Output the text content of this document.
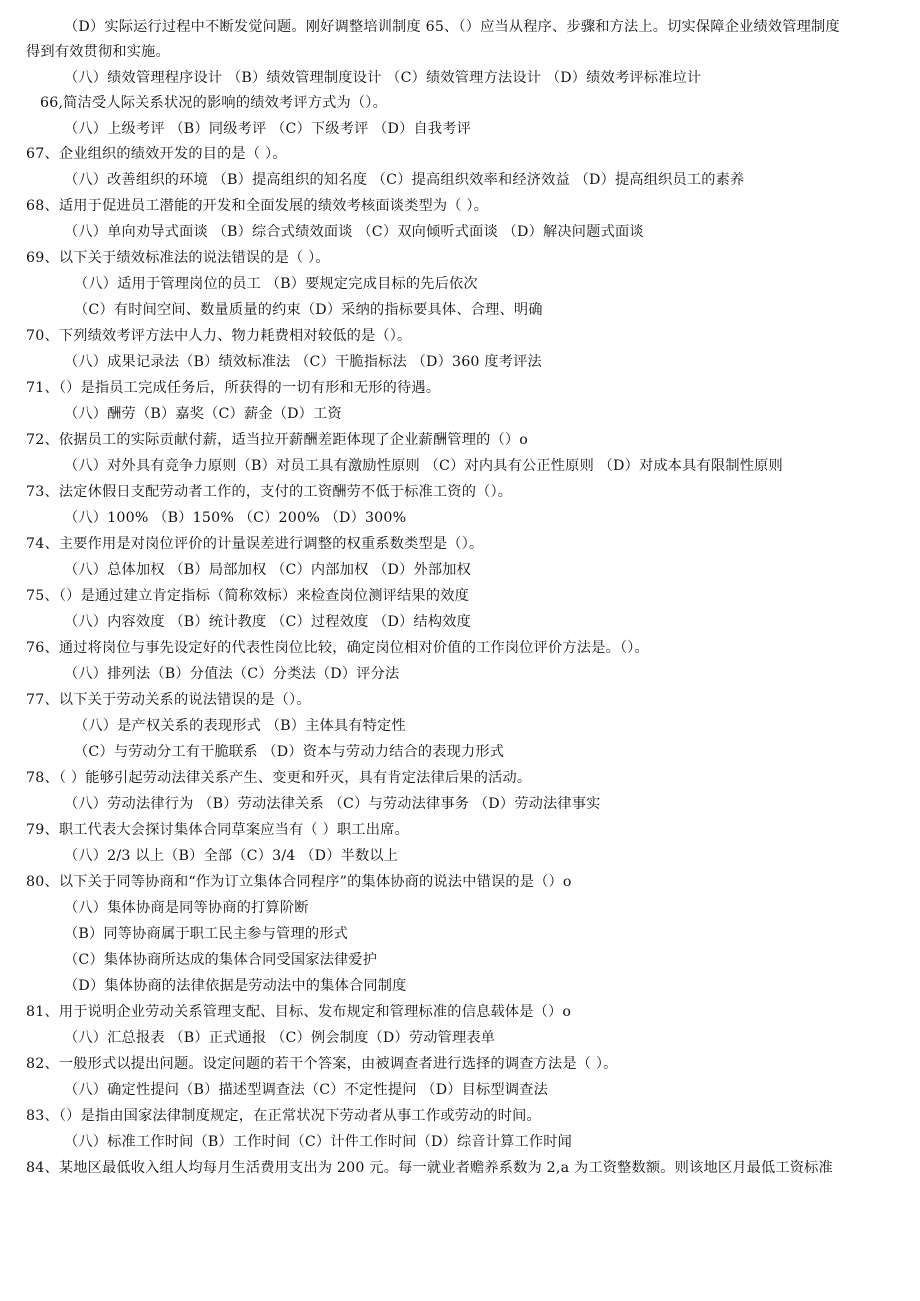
（D）实际运行过程中不断发觉问题。刚好调整培训制度 65、（）应当从程序、步骤和方法上。切实保障企业绩效管理制度
得到有效贯彻和实施。
（八）绩效管理程序设计 （B）绩效管理制度设计 （C）绩效管理方法设计 （D）绩效考评标准垃计
66,简洁受人际关系状况的影响的绩效考评方式为（）。
（八）上级考评 （B）同级考评 （C）下级考评 （D）自我考评
67、企业组织的绩效开发的目的是（ ）。
（八）改善组织的环境 （B）提高组织的知名度 （C）提高组织效率和经济效益 （D）提高组织员工的素养
68、适用于促进员工潜能的开发和全面发展的绩效考核面谈类型为（ ）。
（八）单向劝导式面谈 （B）综合式绩效面谈 （C）双向倾听式面谈 （D）解决问题式面谈
69、以下关于绩效标准法的说法错误的是（ ）。
（八）适用于管理岗位的员工 （B）要规定完成目标的先后依次
（C）有时间空间、数量质量的约束（D）采纳的指标要具体、合理、明确
70、下列绩效考评方法中人力、物力耗费相对较低的是（）。
（八）成果记录法（B）绩效标准法 （C）干脆指标法 （D）360 度考评法
71、（）是指员工完成任务后，所获得的一切有形和无形的待遇。
（八）酬劳（B）嘉奖（C）薪金（D）工资
72、依据员工的实际贡献付薪，适当拉开薪酬差距体现了企业薪酬管理的（）o
（八）对外具有竞争力原则（B）对员工具有激励性原则 （C）对内具有公正性原则 （D）对成本具有限制性原则
73、法定休假日支配劳动者工作的，支付的工资酬劳不低于标准工资的（）。
（八）100% （B）150% （C）200% （D）300%
74、主要作用是对岗位评价的计量误差进行调整的权重系数类型是（）。
（八）总体加权 （B）局部加权 （C）内部加权 （D）外部加权
75、（）是通过建立肯定指标（简称效标）来检查岗位测评结果的效度
（八）内容效度 （B）统计教度 （C）过程效度 （D）结构效度
76、通过将岗位与事先设定好的代表性岗位比较，确定岗位相对价值的工作岗位评价方法是。（）。
（八）排列法（B）分值法（C）分类法（D）评分法
77、以下关于劳动关系的说法错误的是（）。
（八）是产权关系的表现形式 （B）主体具有特定性
（C）与劳动分工有干脆联系 （D）资本与劳动力结合的表现力形式
78、（ ）能够引起劳动法律关系产生、变更和歼灭，具有肯定法律后果的活动。
（八）劳动法律行为 （B）劳动法律关系 （C）与劳动法律事务 （D）劳动法律事实
79、职工代表大会探讨集体合同草案应当有（ ）职工出席。
（八）2/3 以上（B）全部（C）3/4 （D）半数以上
80、以下关于同等协商和“作为订立集体合同程序”的集体协商的说法中错误的是（）o
（八）集体协商是同等协商的打算阶断
（B）同等协商属于职工民主参与管理的形式
（C）集体协商所达成的集体合同受国家法律爱护
（D）集体协商的法律依据是劳动法中的集体合同制度
81、用于说明企业劳动关系管理支配、目标、发布规定和管理标准的信息载体是（）o
（八）汇总报表 （B）正式通报 （C）例会制度（D）劳动管理表单
82、一般形式以提出问题。设定问题的若干个答案，由被调查者进行选择的调查方法是（ ）。
（八）确定性提问（B）描述型调查法（C）不定性提问 （D）目标型调查法
83、（）是指由国家法律制度规定，在正常状况下劳动者从事工作或劳动的时间。
（八）标准工作时间（B）工作时间（C）计件工作时间（D）综音计算工作时闻
84、某地区最低收入组人均每月生活费用支出为 200 元。每一就业者赡养系数为 2,a 为工资整数额。则该地区月最低工资标准
